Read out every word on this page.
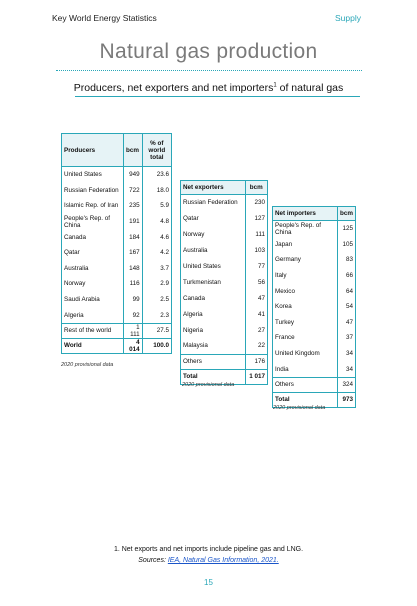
Key World Energy Statistics	Supply
Natural gas production
Producers, net exporters and net importers$^1$ of natural gas
Producers	bcm	% of world total
United States	949	23.6
Russian Federation	722	18.0
Islamic Rep. of Iran	235	5.9
People's Rep. of China	191	4.8
Canada	184	4.6
Qatar	167	4.2
Australia	148	3.7
Norway	116	2.9
Saudi Arabia	99	2.5
Algeria	92	2.3
Rest of the world	1 111	27.5
World	4 014	100.0
Net exporters	bcm
Russian Federation	230
Qatar	127
Norway	111
Australia	103
United States	77
Turkmenistan	56
Canada	47
Algeria	41
Nigeria	27
Malaysia	22
Others	176
Total	1 017
Net importers	bcm
People's Rep. of China	125
Japan	105
Germany	83
Italy	66
Mexico	64
Korea	54
Turkey	47
France	37
United Kingdom	34
India	34
Others	324
Total	973
2020 provisional data
2020 provisional data
2020 provisional data
1. Net exports and net imports include pipeline gas and LNG.
Sources: IEA, Natural Gas Information, 2021.
15
